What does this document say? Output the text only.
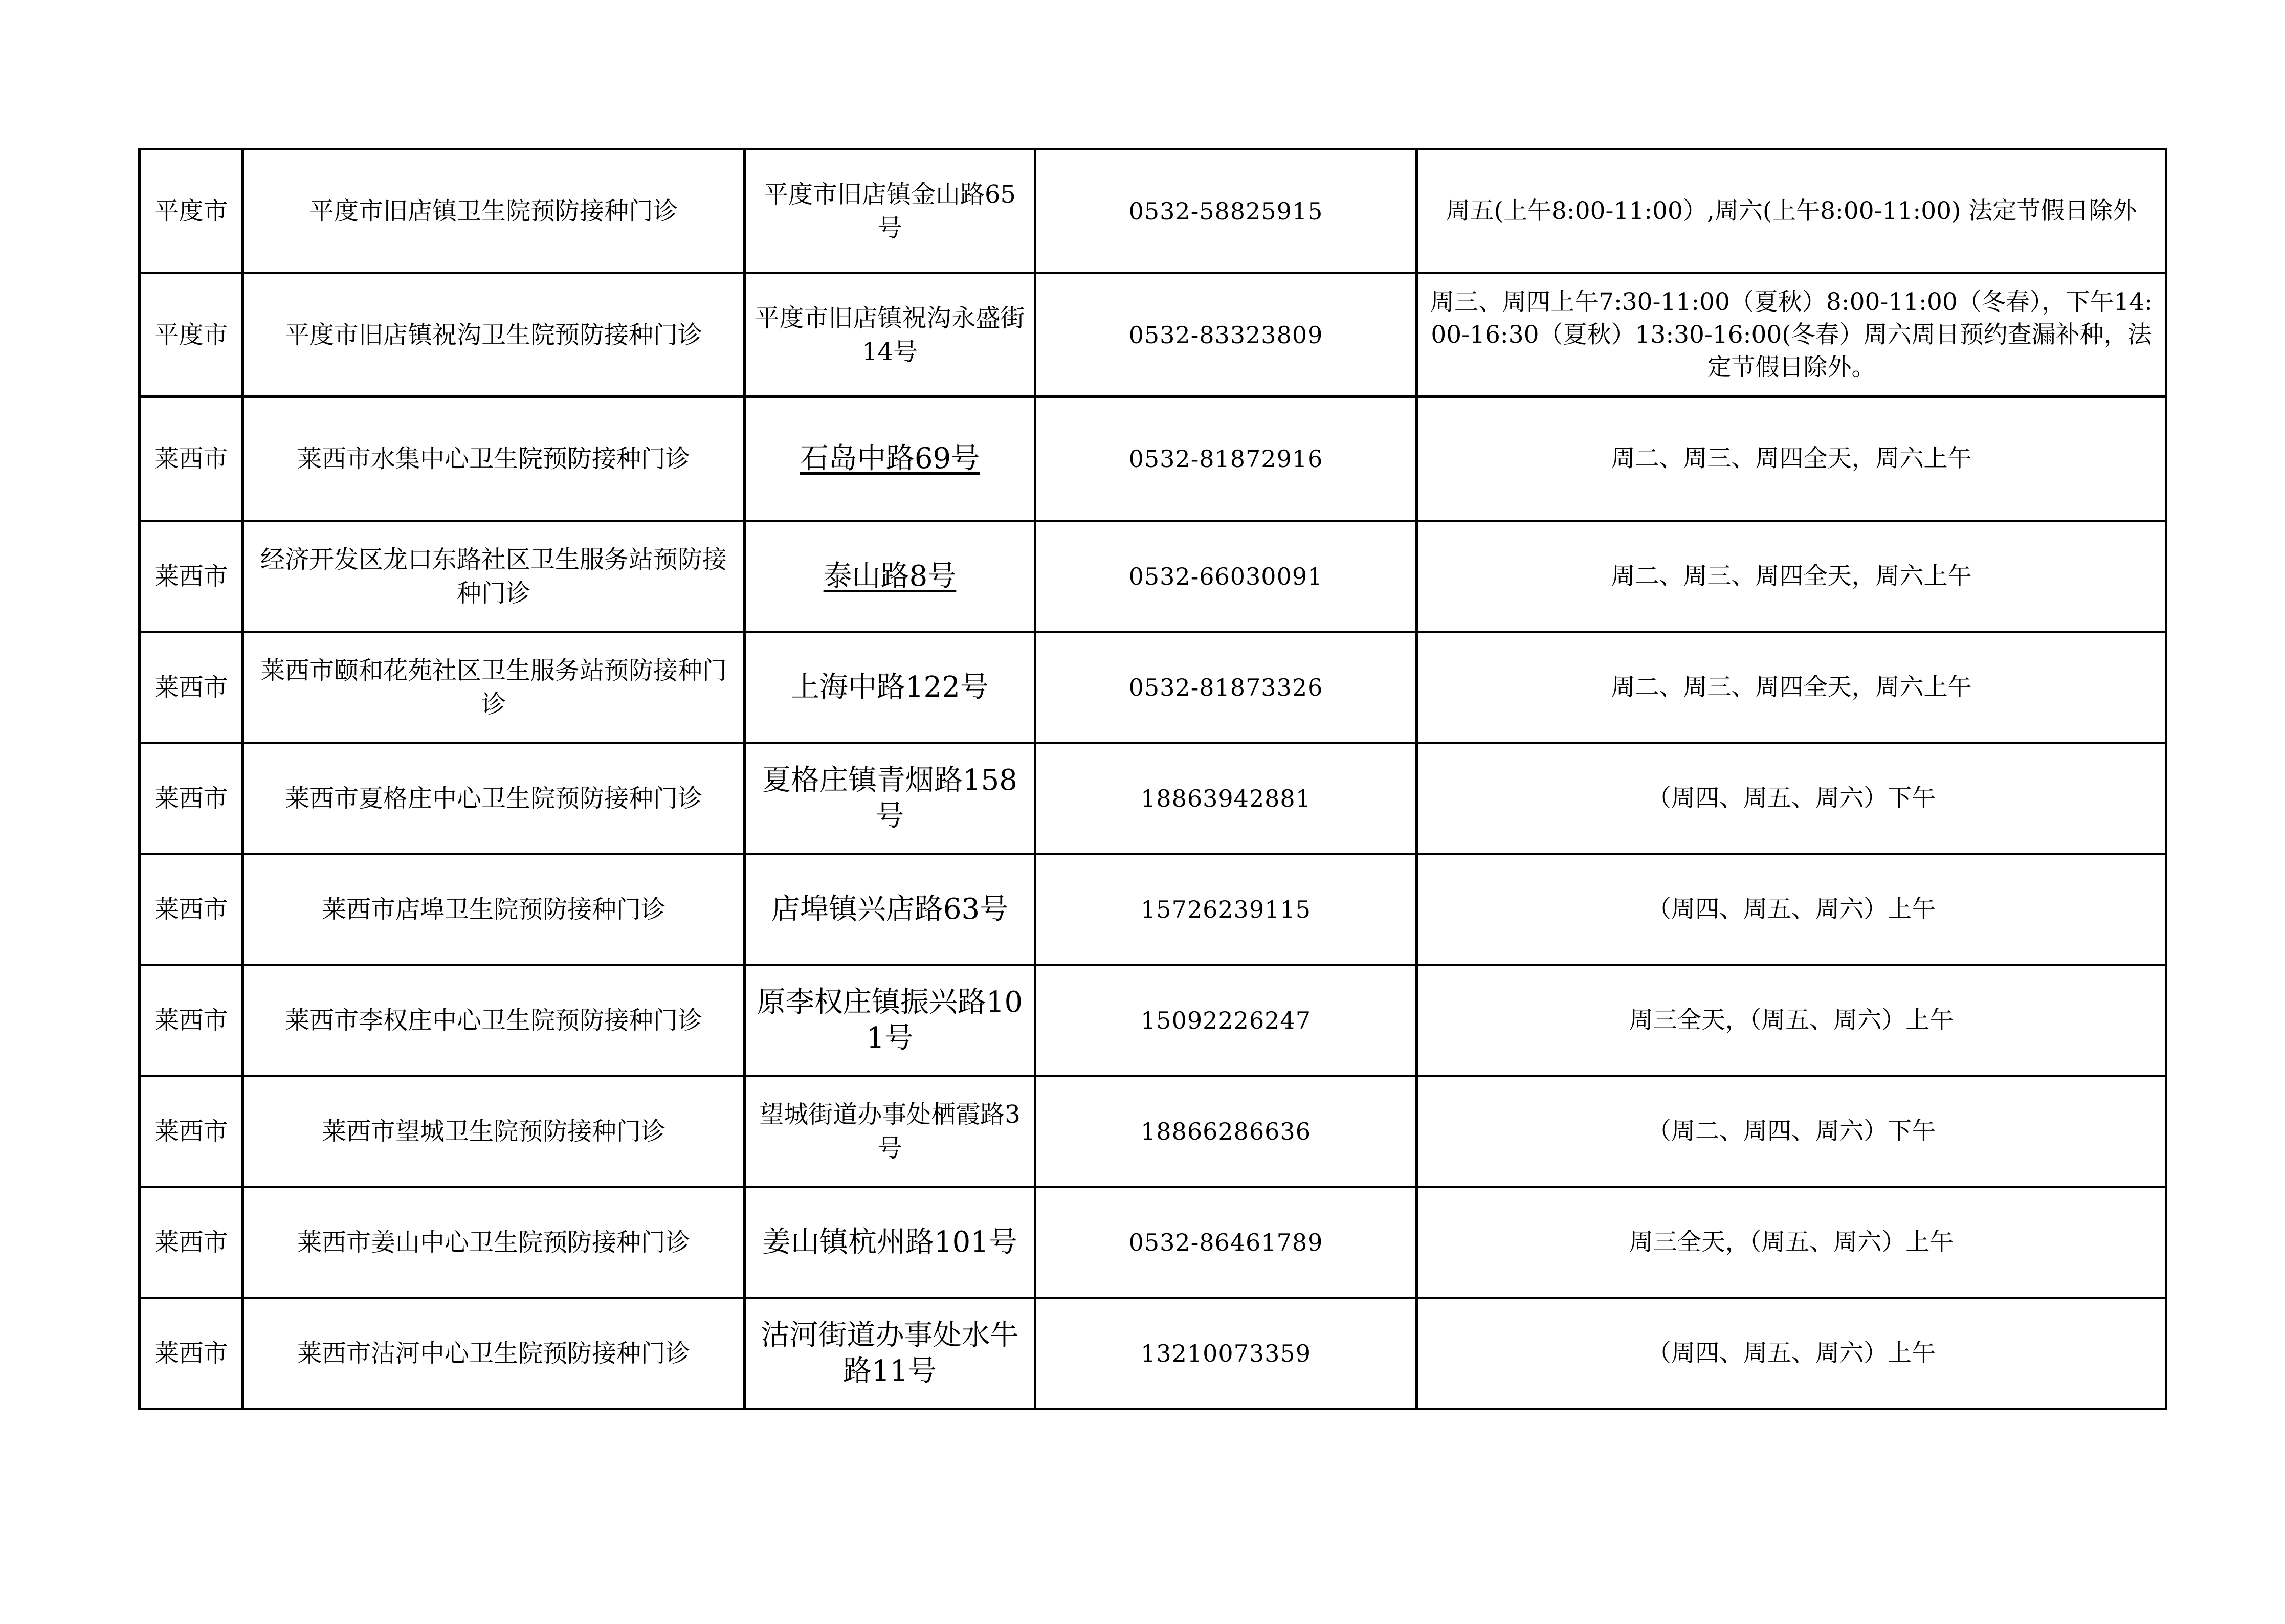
平度市	平度市旧店镇卫生院预防接种门诊	平度市旧店镇金山路65号	0532-58825915	周五(上午8:00-11:00）,周六(上午8:00-11:00) 法定节假日除外
平度市	平度市旧店镇祝沟卫生院预防接种门诊	平度市旧店镇祝沟永盛街14号	0532-83323809	周三、周四上午7:30-11:00（夏秋）8:00-11:00（冬春），下午14:00-16:30（夏秋）13:30-16:00(冬春）周六周日预约查漏补种，法定节假日除外。
莱西市	莱西市水集中心卫生院预防接种门诊	石岛中路69号	0532-81872916	周二、周三、周四全天，周六上午
莱西市	经济开发区龙口东路社区卫生服务站预防接种门诊	泰山路8号	0532-66030091	周二、周三、周四全天，周六上午
莱西市	莱西市颐和花苑社区卫生服务站预防接种门诊	上海中路122号	0532-81873326	周二、周三、周四全天，周六上午
莱西市	莱西市夏格庄中心卫生院预防接种门诊	夏格庄镇青烟路158号	18863942881	（周四、周五、周六）下午
莱西市	莱西市店埠卫生院预防接种门诊	店埠镇兴店路63号	15726239115	（周四、周五、周六）上午
莱西市	莱西市李权庄中心卫生院预防接种门诊	原李权庄镇振兴路101号	15092226247	周三全天，（周五、周六）上午
莱西市	莱西市望城卫生院预防接种门诊	望城街道办事处栖霞路3号	18866286636	（周二、周四、周六）下午
莱西市	莱西市姜山中心卫生院预防接种门诊	姜山镇杭州路101号	0532-86461789	周三全天，（周五、周六）上午
莱西市	莱西市沽河中心卫生院预防接种门诊	沽河街道办事处水牛路11号	13210073359	（周四、周五、周六）上午
